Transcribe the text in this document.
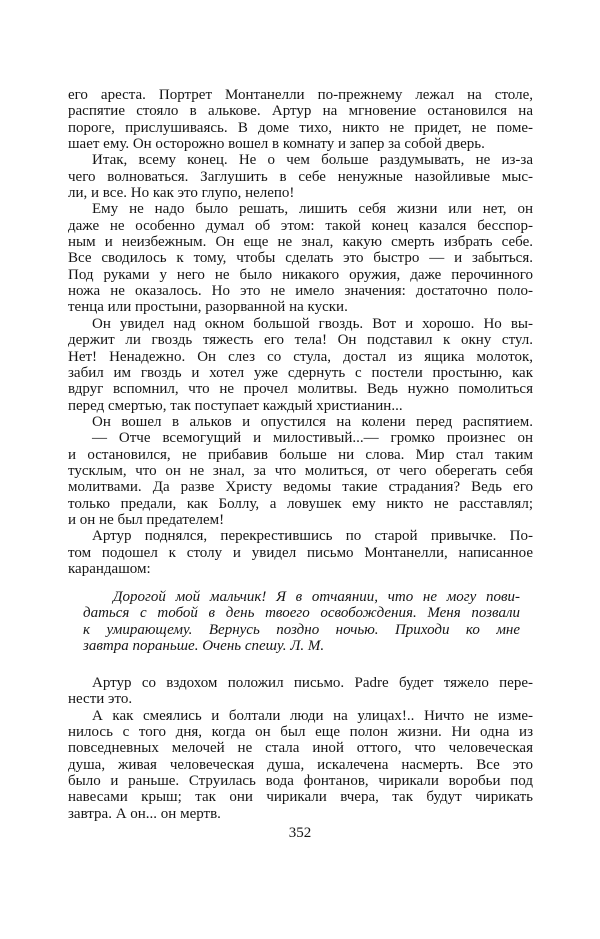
его ареста. Портрет Монтанелли по-прежнему лежал на столе,
распятие стояло в алькове. Артур на мгновение остановился на
пороге, прислушиваясь. В доме тихо, никто не придет, не поме-
шает ему. Он осторожно вошел в комнату и запер за собой дверь.
Итак, всему конец. Не о чем больше раздумывать, не из-за
чего волноваться. Заглушить в себе ненужные назойливые мыс-
ли, и все. Но как это глупо, нелепо!
Ему не надо было решать, лишить себя жизни или нет, он
даже не особенно думал об этом: такой конец казался бесспор-
ным и неизбежным. Он еще не знал, какую смерть избрать себе.
Все сводилось к тому, чтобы сделать это быстро — и забыться.
Под руками у него не было никакого оружия, даже перочинного
ножа не оказалось. Но это не имело значения: достаточно поло-
тенца или простыни, разорванной на куски.
Он увидел над окном большой гвоздь. Вот и хорошо. Но вы-
держит ли гвоздь тяжесть его тела! Он подставил к окну стул.
Нет! Ненадежно. Он слез со стула, достал из ящика молоток,
забил им гвоздь и хотел уже сдернуть с постели простыню, как
вдруг вспомнил, что не прочел молитвы. Ведь нужно помолиться
перед смертью, так поступает каждый христианин...
Он вошел в альков и опустился на колени перед распятием.
— Отче всемогущий и милостивый...— громко произнес он
и остановился, не прибавив больше ни слова. Мир стал таким
тусклым, что он не знал, за что молиться, от чего оберегать себя
молитвами. Да разве Христу ведомы такие страдания? Ведь его
только предали, как Боллу, а ловушек ему никто не расставлял;
и он не был предателем!
Артур поднялся, перекрестившись по старой привычке. По-
том подошел к столу и увидел письмо Монтанелли, написанное
карандашом:
Дорогой мой мальчик! Я в отчаянии, что не могу пови-
даться с тобой в день твоего освобождения. Меня позвали
к умирающему. Вернусь поздно ночью. Приходи ко мне
завтра пораньше. Очень спешу. Л. М.
Артур со вздохом положил письмо. Padre будет тяжело пере-
нести это.
А как смеялись и болтали люди на улицах!.. Ничто не изме-
нилось с того дня, когда он был еще полон жизни. Ни одна из
повседневных мелочей не стала иной оттого, что человеческая
душа, живая человеческая душа, искалечена насмерть. Все это
было и раньше. Струилась вода фонтанов, чирикали воробьи под
навесами крыш; так они чирикали вчера, так будут чирикать
завтра. А он... он мертв.
352
